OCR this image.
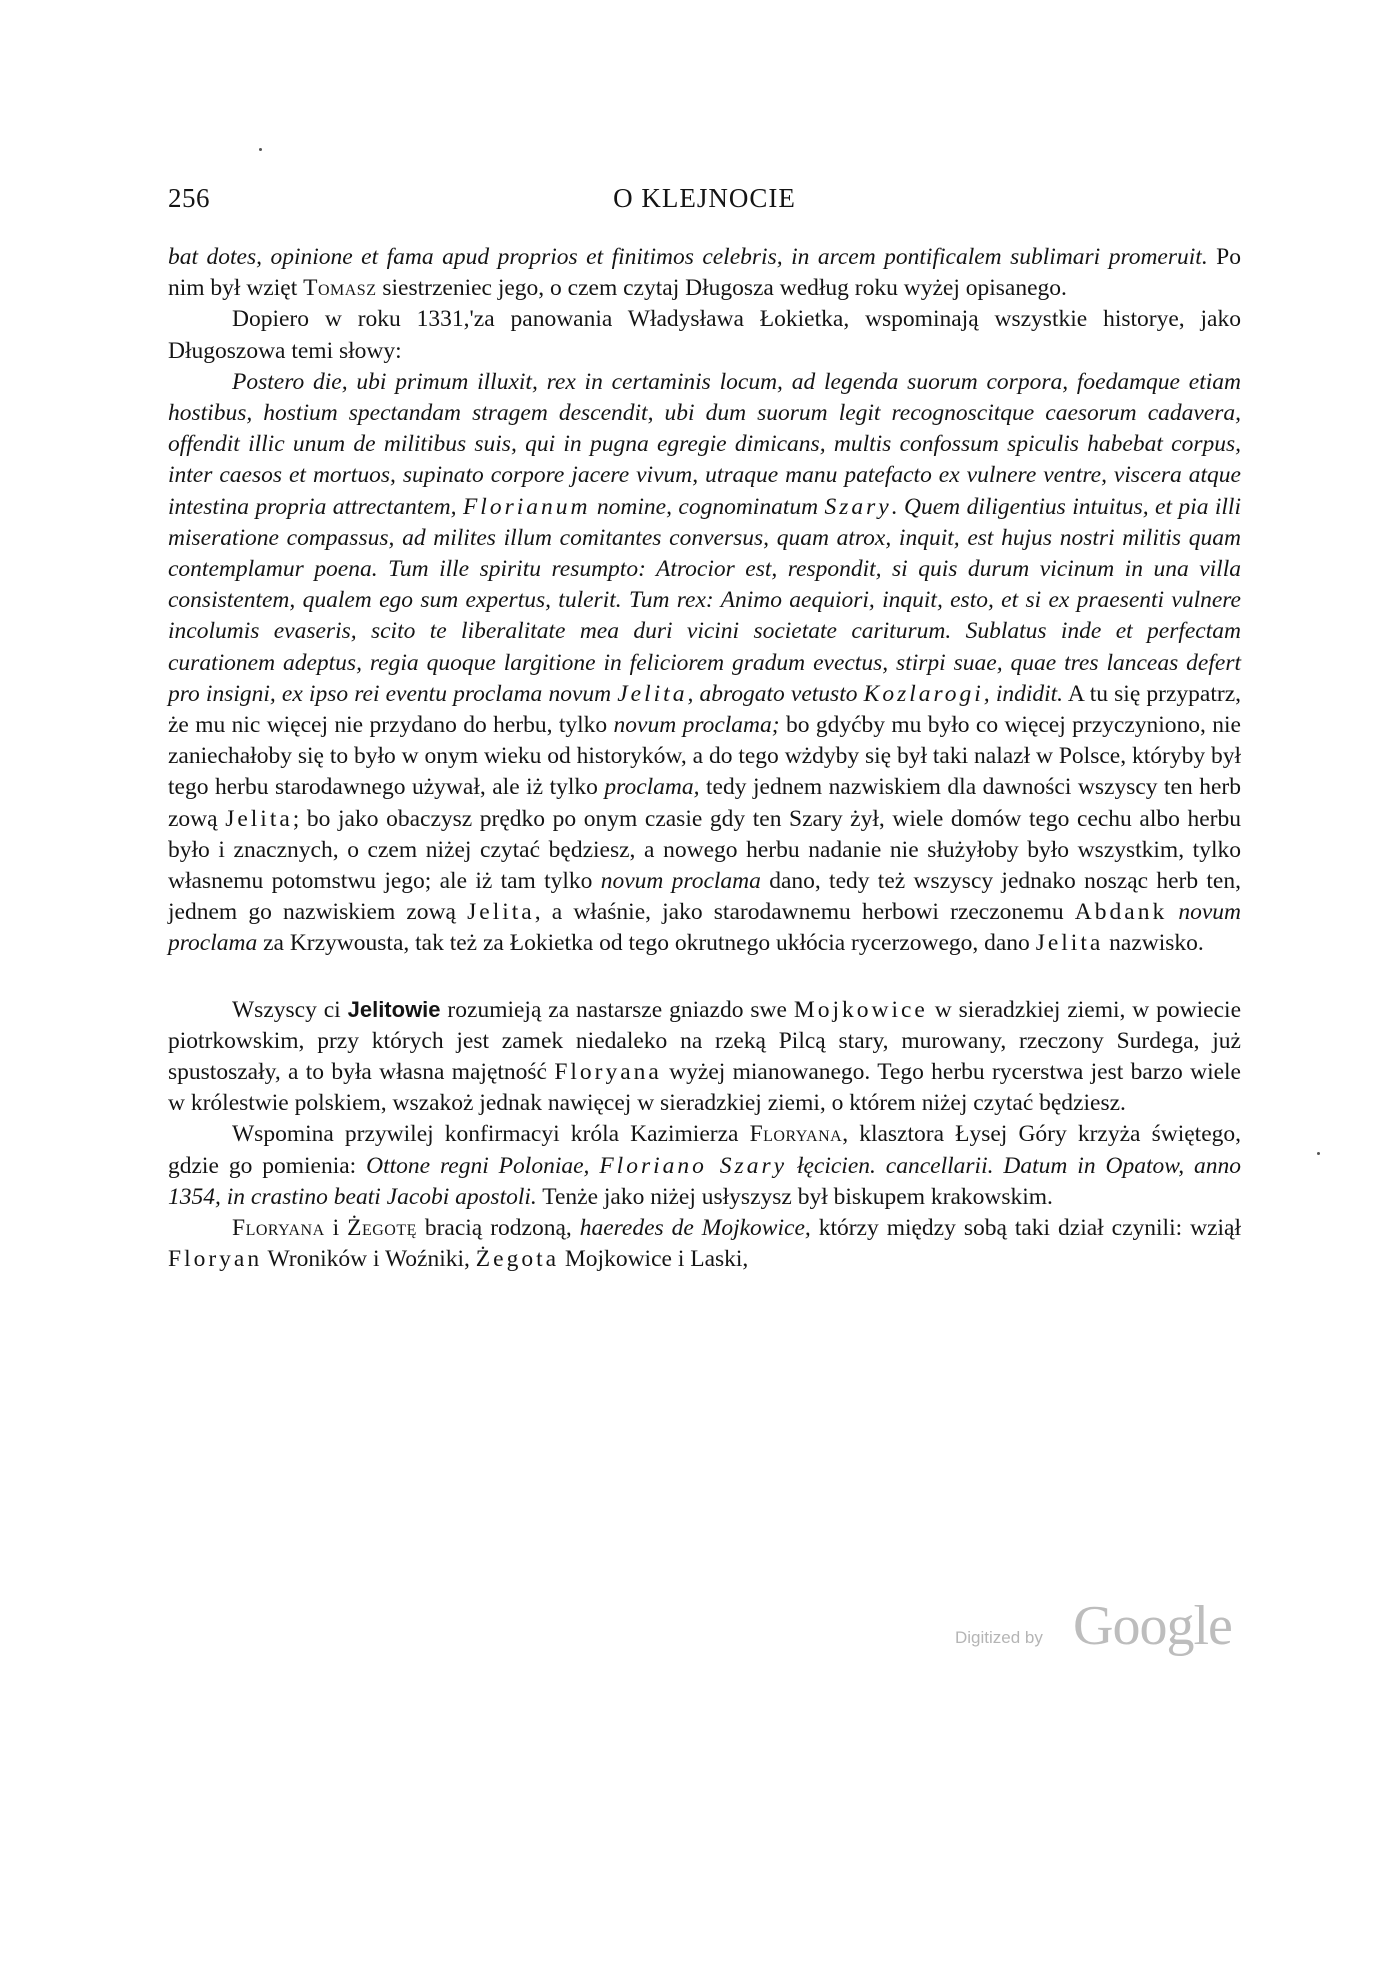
256	O KLEJNOCIE

bat dotes, opinione et fama apud proprios et finitimos celebris, in arcem pontificalem sublimari promeruit. Po nim był wzięt Tomasz siestrzeniec jego, o czem czytaj Długosza według roku wyżej opisanego.

Dopiero w roku 1331,'za panowania Władysława Łokietka, wspominają wszystkie historye, jako Długoszowa temi słowy:

Postero die, ubi primum illuxit, rex in certaminis locum, ad legenda suorum corpora, foedamque etiam hostibus, hostium spectandam stragem descendit, ubi dum suorum legit recognoscitque caesorum cadavera, offendit illic unum de militibus suis, qui in pugna egregie dimicans, multis confossum spiculis habebat corpus, inter caesos et mortuos, supinato corpore jacere vivum, utraque manu patefacto ex vulnere ventre, viscera atque intestina propria attrectantem, Florianum nomine, cognominatum Szary. Quem diligentius intuitus, et pia illi miseratione compassus, ad milites illum comitantes conversus, quam atrox, inquit, est hujus nostri militis quam contemplamur poena. Tum ille spiritu resumpto: Atrocior est, respondit, si quis durum vicinum in una villa consistentem, qualem ego sum expertus, tulerit. Tum rex: Animo aequiori, inquit, esto, et si ex praesenti vulnere incolumis evaseris, scito te liberalitate mea duri vicini societate cariturum. Sublatus inde et perfectam curationem adeptus, regia quoque largitione in feliciorem gradum evectus, stirpi suae, quae tres lanceas defert pro insigni, ex ipso rei eventu proclama novum Jelita, abrogato vetusto Kozlarogi, indidit. A tu się przypatrz, że mu nic więcej nie przydano do herbu, tylko novum proclama; bo gdyćby mu było co więcej przyczyniono, nie zaniechałoby się to było w onym wieku od historyków, a do tego wżdyby się był taki nalazł w Polsce, któryby był tego herbu starodawnego używał, ale iż tylko proclama, tedy jednem nazwiskiem dla dawności wszyscy ten herb zową Jelita; bo jako obaczysz prędko po onym czasie gdy ten Szary żył, wiele domów tego cechu albo herbu było i znacznych, o czem niżej czytać będziesz, a nowego herbu nadanie nie służyłoby było wszystkim, tylko własnemu potomstwu jego; ale iż tam tylko novum proclama dano, tedy też wszyscy jednako nosząc herb ten, jednem go nazwiskiem zową Jelita, a właśnie, jako starodawnemu herbowi rzeczonemu Abdank novum proclama za Krzywousta, tak też za Łokietka od tego okrutnego ukłócia rycerzowego, dano Jelita nazwisko.

Wszyscy ci Jelitowie rozumieją za nastarsze gniazdo swe Mojkowice w sieradzkiej ziemi, w powiecie piotrkowskim, przy których jest zamek niedaleko na rzeką Pilcą stary, murowany, rzeczony Surdega, już spustoszały, a to była własna majętność Floryana wyżej mianowanego. Tego herbu rycerstwa jest barzo wiele w królestwie polskiem, wszakoż jednak nawięcej w sieradzkiej ziemi, o którem niżej czytać będziesz.

Wspomina przywilej konfirmacyi króla Kazimierza Floryana, klasztora Łysej Góry krzyża świętego, gdzie go pomienia: Ottone regni Poloniae, Floriano Szary łęcicien. cancellarii. Datum in Opatow, anno 1354, in crastino beati Jacobi apostoli. Tenże jako niżej usłyszysz był biskupem krakowskim.

Floryana i Żegotę bracią rodzoną, haeredes de Mojkowice, którzy między sobą taki dział czynili: wziął Floryan Wroników i Woźniki, Żegota Mojkowice i Laski,

Digitized by Google
